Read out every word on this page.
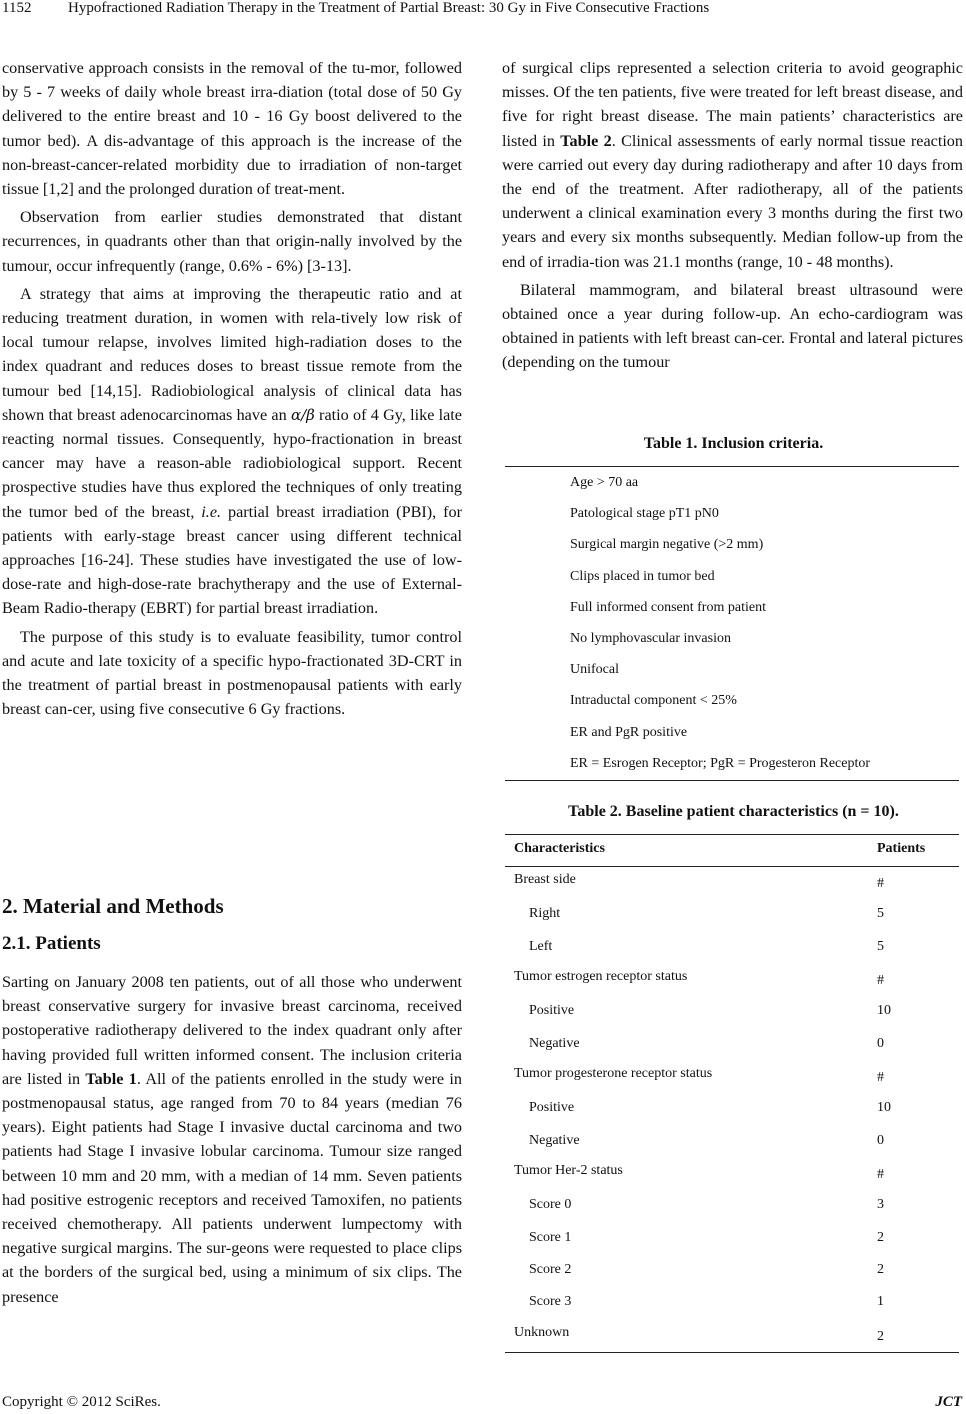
1152 Hypofractioned Radiation Therapy in the Treatment of Partial Breast: 30 Gy in Five Consecutive Fractions

conservative approach consists in the removal of the tu-mor, followed by 5 - 7 weeks of daily whole breast irra-diation (total dose of 50 Gy delivered to the entire breast and 10 - 16 Gy boost delivered to the tumor bed). A dis-advantage of this approach is the increase of the non-breast-cancer-related morbidity due to irradiation of non-target tissue [1,2] and the prolonged duration of treat-ment.

Observation from earlier studies demonstrated that distant recurrences, in quadrants other than that origin-nally involved by the tumour, occur infrequently (range, 0.6% - 6%) [3-13].

A strategy that aims at improving the therapeutic ratio and at reducing treatment duration, in women with rela-tively low risk of local tumour relapse, involves limited high-radiation doses to the index quadrant and reduces doses to breast tissue remote from the tumour bed [14,15]. Radiobiological analysis of clinical data has shown that breast adenocarcinomas have an α/β ratio of 4 Gy, like late reacting normal tissues. Consequently, hypo-fractionation in breast cancer may have a reason-able radiobiological support. Recent prospective studies have thus explored the techniques of only treating the tumor bed of the breast, i.e. partial breast irradiation (PBI), for patients with early-stage breast cancer using different technical approaches [16-24]. These studies have investigated the use of low-dose-rate and high-dose-rate brachytherapy and the use of External-Beam Radio-therapy (EBRT) for partial breast irradiation.

The purpose of this study is to evaluate feasibility, tumor control and acute and late toxicity of a specific hypo-fractionated 3D-CRT in the treatment of partial breast in postmenopausal patients with early breast can-cer, using five consecutive 6 Gy fractions.

2. Material and Methods
2.1. Patients

Sarting on January 2008 ten patients, out of all those who underwent breast conservative surgery for invasive breast carcinoma, received postoperative radiotherapy delivered to the index quadrant only after having provided full written informed consent. The inclusion criteria are listed in Table 1. All of the patients enrolled in the study were in postmenopausal status, age ranged from 70 to 84 years (median 76 years). Eight patients had Stage I invasive ductal carcinoma and two patients had Stage I invasive lobular carcinoma. Tumour size ranged between 10 mm and 20 mm, with a median of 14 mm. Seven patients had positive estrogenic receptors and received Tamoxifen, no patients received chemotherapy. All patients underwent lumpectomy with negative surgical margins. The sur-geons were requested to place clips at the borders of the surgical bed, using a minimum of six clips. The presence

of surgical clips represented a selection criteria to avoid geographic misses. Of the ten patients, five were treated for left breast disease, and five for right breast disease. The main patients’ characteristics are listed in Table 2. Clinical assessments of early normal tissue reaction were carried out every day during radiotherapy and after 10 days from the end of the treatment. After radiotherapy, all of the patients underwent a clinical examination every 3 months during the first two years and every six months subsequently. Median follow-up from the end of irradia-tion was 21.1 months (range, 10 - 48 months).

Bilateral mammogram, and bilateral breast ultrasound were obtained once a year during follow-up. An echo-cardiogram was obtained in patients with left breast can-cer. Frontal and lateral pictures (depending on the tumour

Table 1. Inclusion criteria.
Age > 70 aa
Patological stage pT1 pN0
Surgical margin negative (>2 mm)
Clips placed in tumor bed
Full informed consent from patient
No lymphovascular invasion
Unifocal
Intraductal component < 25%
ER and PgR positive
ER = Esrogen Receptor; PgR = Progesteron Receptor
Table 2. Baseline patient characteristics (n = 10).
Characteristics	Patients
Breast side	#
Right	5
Left	5
Tumor estrogen receptor status	#
Positive	10
Negative	0
Tumor progesterone receptor status	#
Positive	10
Negative	0
Tumor Her-2 status	#
Score 0	3
Score 1	2
Score 2	2
Score 3	1
Unknown	2
Copyright © 2012 SciRes.	JCT
